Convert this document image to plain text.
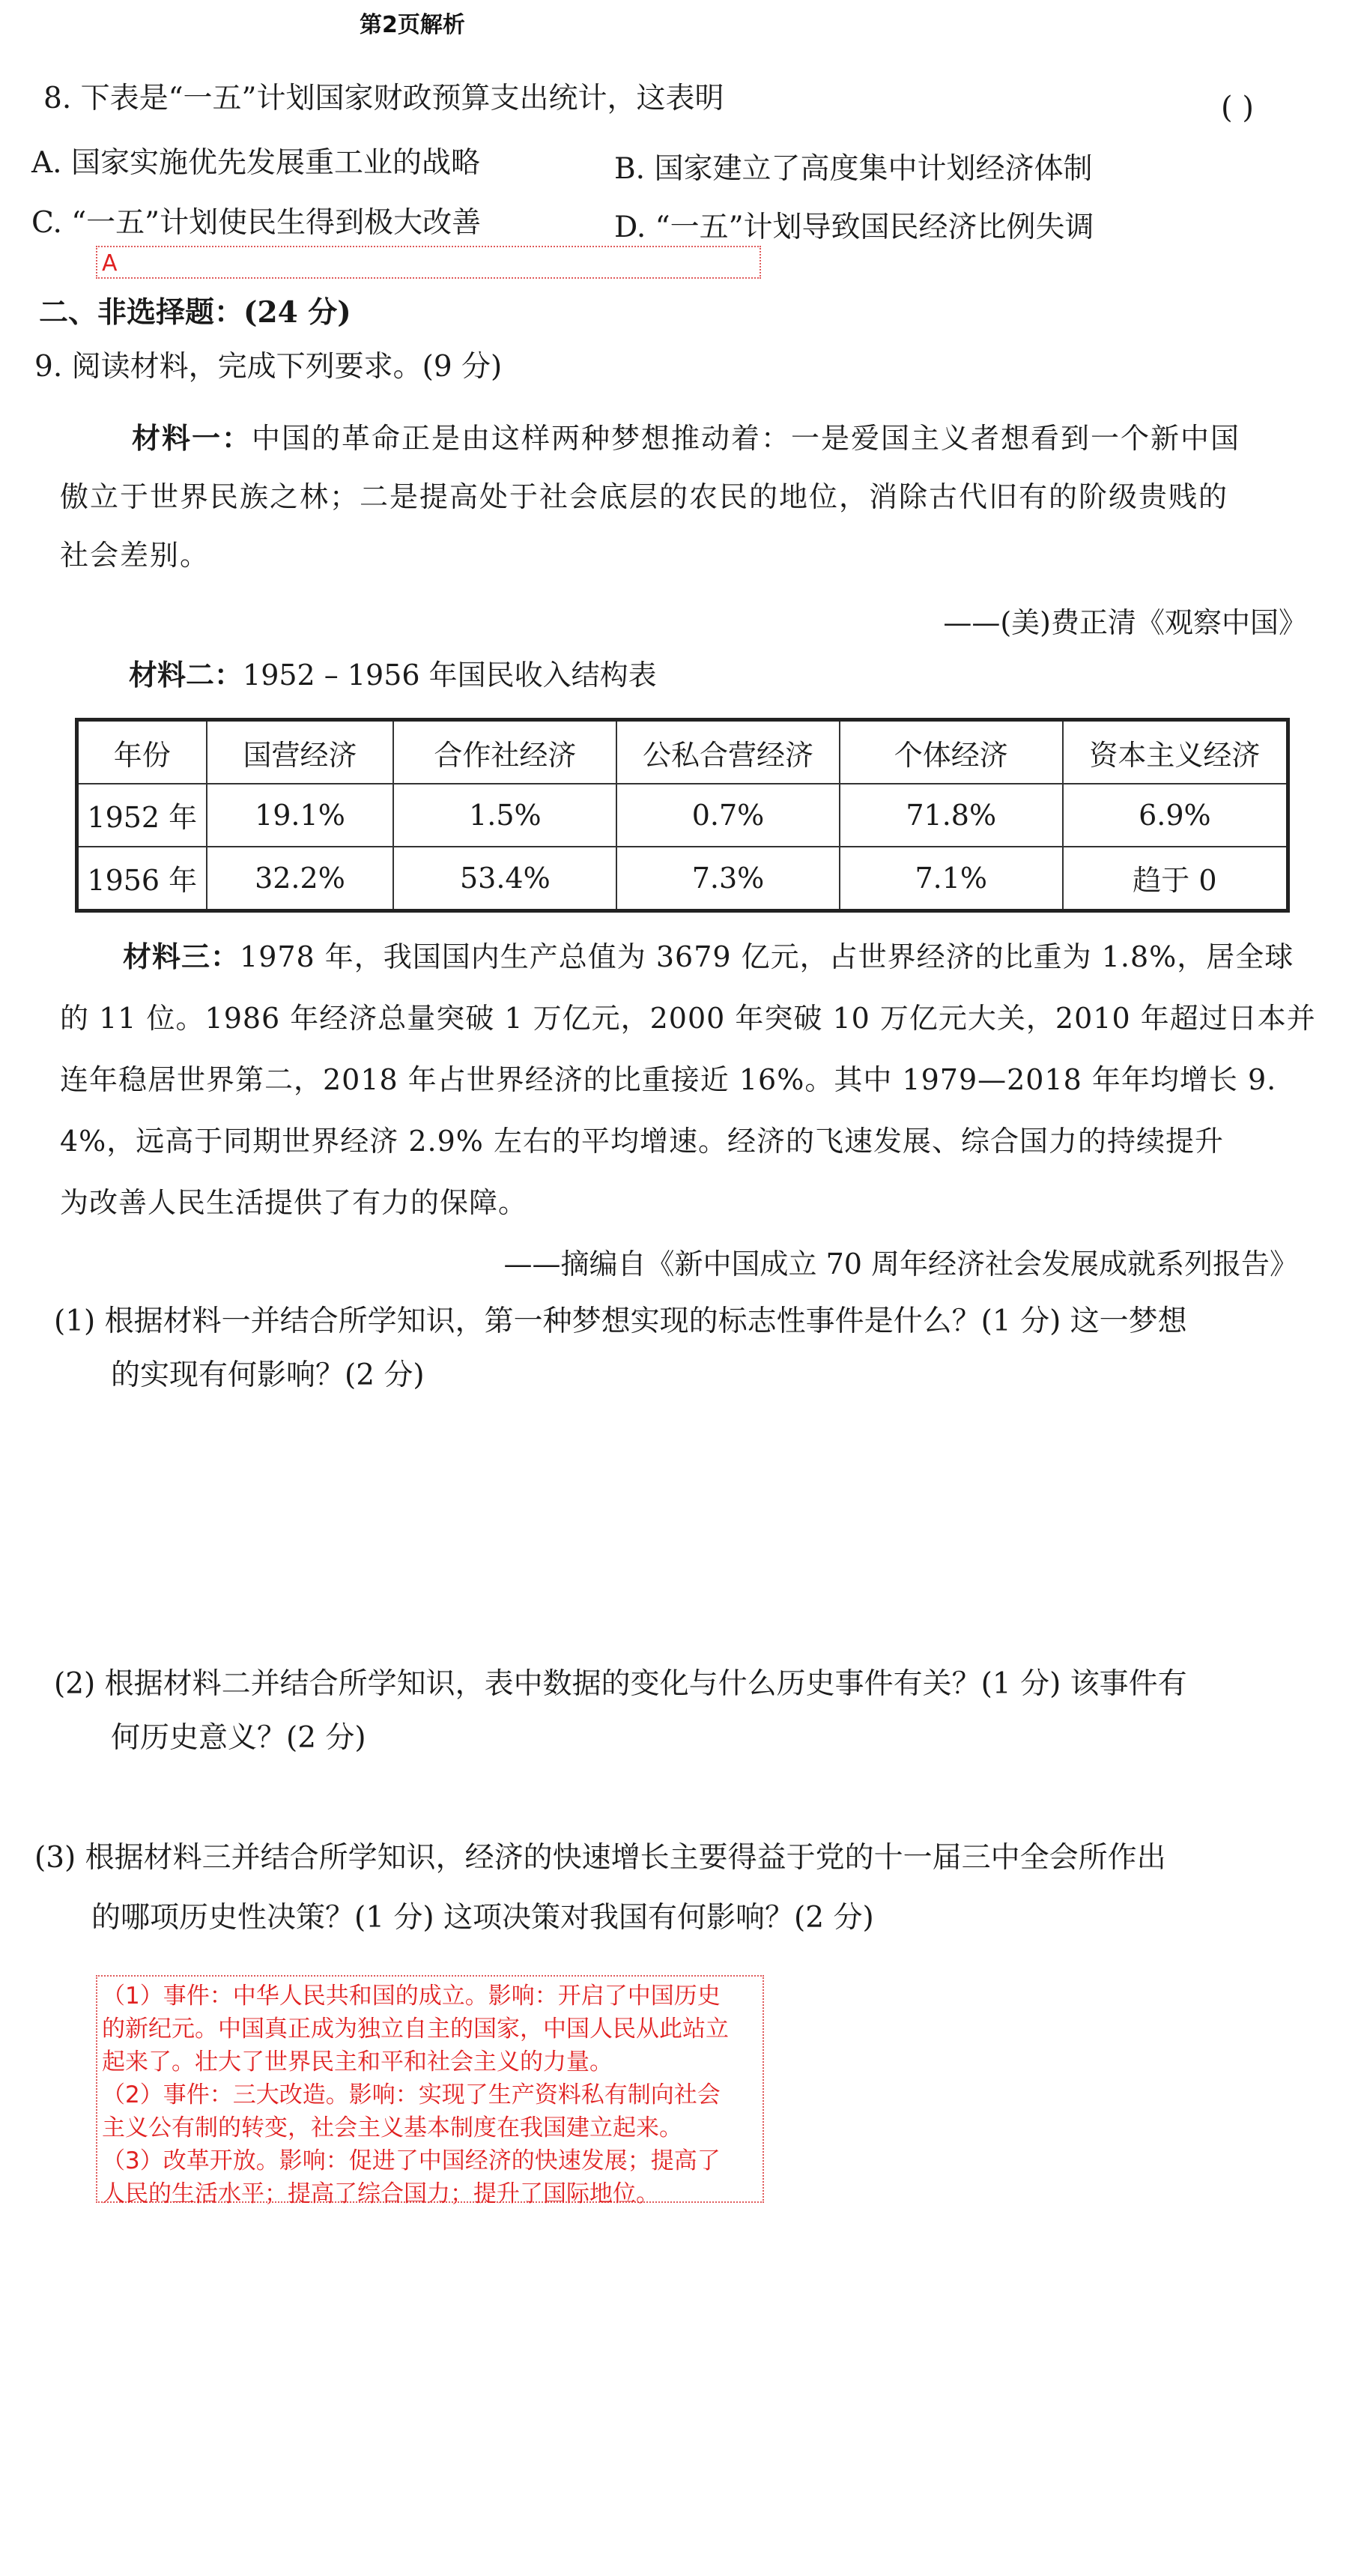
第2页解析
8. 下表是“一五”计划国家财政预算支出统计，这表明	( )
A. 国家实施优先发展重工业的战略	B. 国家建立了高度集中计划经济体制
C. “一五”计划使民生得到极大改善	D. “一五”计划导致国民经济比例失调
A
二、非选择题：(24 分)
9. 阅读材料，完成下列要求。(9 分)
材料一：中国的革命正是由这样两种梦想推动着：一是爱国主义者想看到一个新中国
傲立于世界民族之林；二是提高处于社会底层的农民的地位，消除古代旧有的阶级贵贱的
社会差别。
——(美)费正清《观察中国》
材料二：1952 – 1956 年国民收入结构表
年份	国营经济	合作社经济	公私合营经济	个体经济	资本主义经济
1952 年	19.1%	1.5%	0.7%	71.8%	6.9%
1956 年	32.2%	53.4%	7.3%	7.1%	趋于 0
材料三：1978 年，我国国内生产总值为 3679 亿元，占世界经济的比重为 1.8%，居全球
的 11 位。1986 年经济总量突破 1 万亿元，2000 年突破 10 万亿元大关，2010 年超过日本并
连年稳居世界第二，2018 年占世界经济的比重接近 16%。其中 1979—2018 年年均增长 9.
4%，远高于同期世界经济 2.9% 左右的平均增速。经济的飞速发展、综合国力的持续提升
为改善人民生活提供了有力的保障。
——摘编自《新中国成立 70 周年经济社会发展成就系列报告》
(1) 根据材料一并结合所学知识，第一种梦想实现的标志性事件是什么？(1 分) 这一梦想
的实现有何影响？(2 分)
(2) 根据材料二并结合所学知识，表中数据的变化与什么历史事件有关？(1 分) 该事件有
何历史意义？(2 分)
(3) 根据材料三并结合所学知识，经济的快速增长主要得益于党的十一届三中全会所作出
的哪项历史性决策？(1 分) 这项决策对我国有何影响？(2 分)
（1）事件：中华人民共和国的成立。影响：开启了中国历史
的新纪元。中国真正成为独立自主的国家，中国人民从此站立
起来了。壮大了世界民主和平和社会主义的力量。
（2）事件：三大改造。影响：实现了生产资料私有制向社会
主义公有制的转变，社会主义基本制度在我国建立起来。
（3）改革开放。影响：促进了中国经济的快速发展；提高了
人民的生活水平；提高了综合国力；提升了国际地位。
